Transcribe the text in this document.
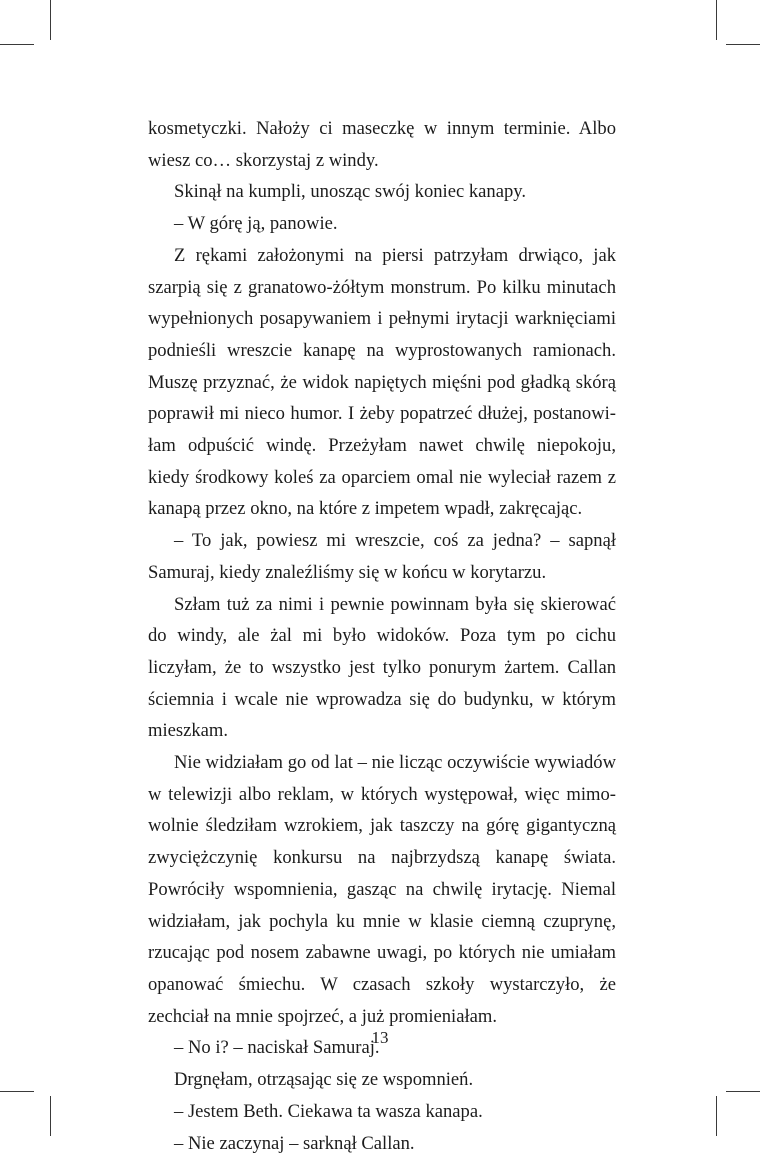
kosmetyczki. Nałoży ci maseczkę w innym terminie. Albo wiesz co… skorzystaj z windy.

Skinął na kumpli, unosząc swój koniec kanapy.

– W górę ją, panowie.

Z rękami założonymi na piersi patrzyłam drwiąco, jak szarpią się z granatowo-żółtym monstrum. Po kilku minutach wypełnionych posapywaniem i pełnymi irytacji warknięciami podnieśli wreszcie kanapę na wyprostowanych ramionach. Muszę przyznać, że widok napiętych mięśni pod gładką skórą poprawił mi nieco humor. I żeby popatrzeć dłużej, postanowiłam odpuścić windę. Przeżyłam nawet chwilę niepokoju, kiedy środkowy koleś za oparciem omal nie wyleciał razem z kanapą przez okno, na które z impetem wpadł, zakręcając.

– To jak, powiesz mi wreszcie, coś za jedna? – sapnął Samuraj, kiedy znaleźliśmy się w końcu w korytarzu.

Szłam tuż za nimi i pewnie powinnam była się skierować do windy, ale żal mi było widoków. Poza tym po cichu liczyłam, że to wszystko jest tylko ponurym żartem. Callan ściemnia i wcale nie wprowadza się do budynku, w którym mieszkam.

Nie widziałam go od lat – nie licząc oczywiście wywiadów w telewizji albo reklam, w których występował, więc mimowolnie śledziłam wzrokiem, jak taszczy na górę gigantyczną zwyciężczynię konkursu na najbrzydszą kanapę świata. Powróciły wspomnienia, gasząc na chwilę irytację. Niemal widziałam, jak pochyla ku mnie w klasie ciemną czuprynę, rzucając pod nosem zabawne uwagi, po których nie umiałam opanować śmiechu. W czasach szkoły wystarczyło, że zechciał na mnie spojrzeć, a już promieniałam.

– No i? – naciskał Samuraj.

Drgnęłam, otrząsając się ze wspomnień.

– Jestem Beth. Ciekawa ta wasza kanapa.

– Nie zaczynaj – sarknął Callan.

13
